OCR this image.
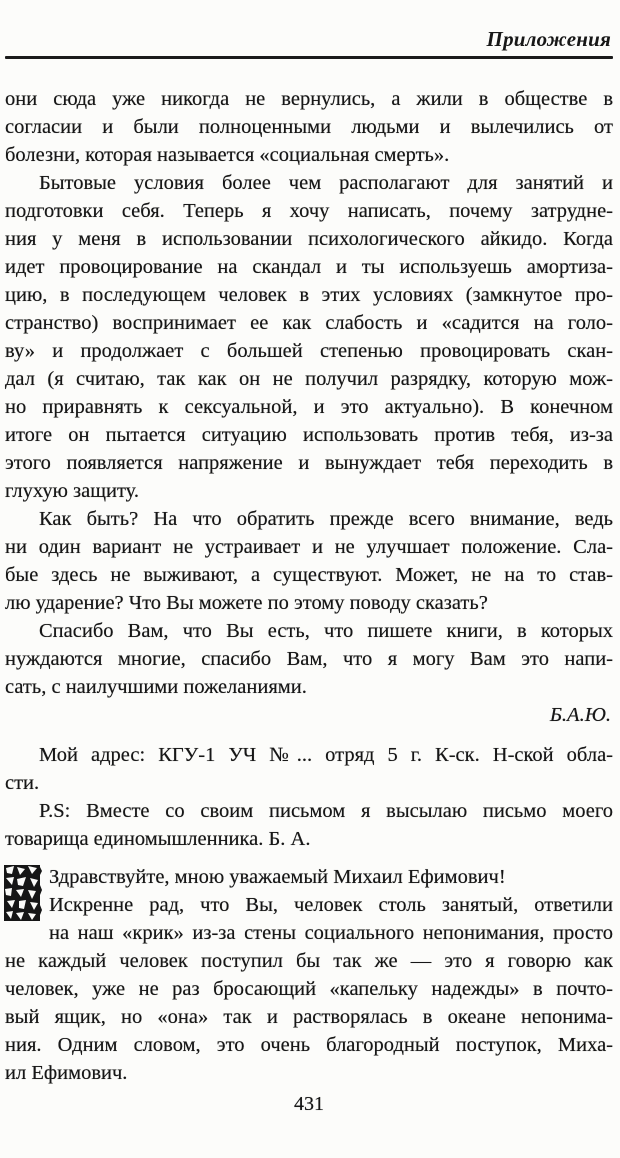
Приложения
они сюда уже никогда не вернулись, а жили в обществе в
согласии и были полноценными людьми и вылечились от
болезни, которая называется «социальная смерть».
Бытовые условия более чем располагают для занятий и
подготовки себя. Теперь я хочу написать, почему затрудне-
ния у меня в использовании психологического айкидо. Когда
идет провоцирование на скандал и ты используешь амортиза-
цию, в последующем человек в этих условиях (замкнутое про-
странство) воспринимает ее как слабость и «садится на голо-
ву» и продолжает с большей степенью провоцировать скан-
дал (я считаю, так как он не получил разрядку, которую мож-
но приравнять к сексуальной, и это актуально). В конечном
итоге он пытается ситуацию использовать против тебя, из-за
этого появляется напряжение и вынуждает тебя переходить в
глухую защиту.
Как быть? На что обратить прежде всего внимание, ведь
ни один вариант не устраивает и не улучшает положение. Сла-
бые здесь не выживают, а существуют. Может, не на то став-
лю ударение? Что Вы можете по этому поводу сказать?
Спасибо Вам, что Вы есть, что пишете книги, в которых
нуждаются многие, спасибо Вам, что я могу Вам это напи-
сать, с наилучшими пожеланиями.
Б.А.Ю.
Мой адрес: КГУ-1 УЧ №... отряд 5 г. К-ск. Н-ской обла-
сти.
P.S: Вместе со своим письмом я высылаю письмо моего
товарища единомышленника. Б. А.
Здравствуйте, мною уважаемый Михаил Ефимович!
Искренне рад, что Вы, человек столь занятый, ответили
на наш «крик» из-за стены социального непонимания, просто
не каждый человек поступил бы так же — это я говорю как
человек, уже не раз бросающий «капельку надежды» в почто-
вый ящик, но «она» так и растворялась в океане непонима-
ния. Одним словом, это очень благородный поступок, Миха-
ил Ефимович.
431
